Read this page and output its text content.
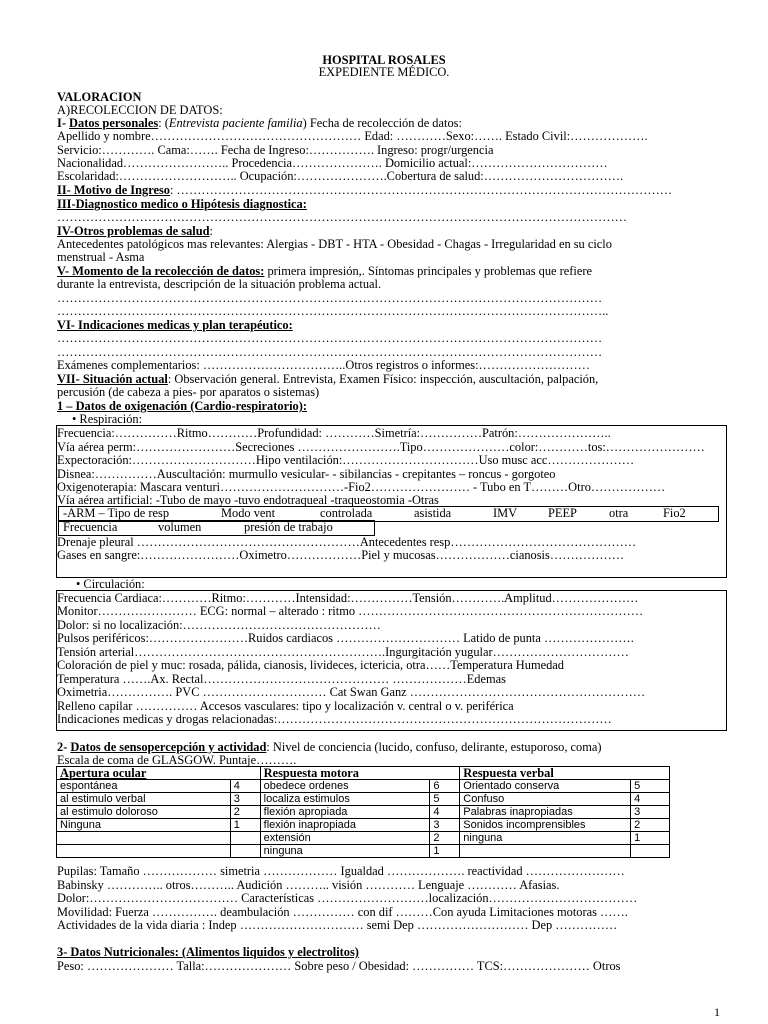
HOSPITAL ROSALES
EXPEDIENTE MÉDICO.
VALORACION
A)RECOLECCION DE DATOS:
I- Datos personales: (Entrevista paciente familia) Fecha de recolección de datos:
Apellido y nombre…………………………………………… Edad: …………Sexo:……. Estado Civil:……………….
Servicio:…………. Cama:……. Fecha de Ingreso:……………. Ingreso: progr/urgencia
Nacionalidad…………………….. Procedencia…………………. Domicilio actual:……………………………
Escolaridad:……………………….. Ocupación:………………….Cobertura de salud:…………………………….
II- Motivo de Ingreso: …………………………………………………………………………………………………………
III-Diagnostico medico o Hipótesis diagnostica:
…………………………………………………………………………………………………………………………
IV-Otros problemas de salud:
Antecedentes patológicos mas relevantes: Alergias - DBT - HTA - Obesidad - Chagas - Irregularidad en su ciclo
menstrual - Asma
V- Momento de la recolección de datos: primera impresión,. Síntomas principales y problemas que refiere
durante la entrevista, descripción de la situación problema actual.
……………………………………………………………………………………………………………………
……………………………………………………………………………………………………………………..
VI- Indicaciones medicas y plan terapéutico:
……………………………………………………………………………………………………………………
……………………………………………………………………………………………………………………
Exámenes complementarios: ……………………………..Otros registros o informes:………………………
VII- Situación actual: Observación general. Entrevista, Examen Físico: inspección, auscultación, palpación,
percusión (de cabeza a pies- por aparatos o sistemas)
1 – Datos de oxigenación (Cardio-respiratorio):
• Respiración:
Frecuencia:……………Ritmo…………Profundidad: …………Simetría:……………Patrón:…………………..
Vía aérea perm:……………………Secreciones …………………….Tipo…………………color:…………tos:……………………
Expectoración:…………………………Hipo ventilación:……………………………Uso musc acc…………………
Disnea:……………Auscultación: murmullo vesicular- - sibilancias - crepitantes – roncus - gorgoteo
Oxigenoterapia: Mascara venturi…………………………-Fio2…………………… - Tubo en T………Otro………………
Vía aérea artificial: -Tubo de mayo -tuvo endotraqueal -traqueostomia -Otras
-ARM – Tipo de resp	Modo vent	controlada	asistida	IMV PEEP	otra	Fio2
Frecuencia	volumen	presión de trabajo
Drenaje pleural ………………………………………………Antecedentes resp………………………………………
Gases en sangre:……………………Oximetro………………Piel y mucosas………………cianosis………………
• Circulación:
Frecuencia Cardiaca:…………Ritmo:…………Intensidad:……………Tensión………….Amplitud…………………
Monitor…………………… ECG: normal – alterado : ritmo ……………………………………………………………
Dolor: si no localización:…………………………………………
Pulsos periféricos:……………………Ruidos cardiacos ………………………… Latido de punta ………………….
Tensión arterial…………………………………………………….Ingurgitación yugular……………………………
Coloración de piel y muc: rosada, pálida, cianosis, livideces, ictericia, otra……Temperatura Humedad
Temperatura …….Ax. Rectal……………………………………… ………………Edemas
Oximetria……………. PVC ………………………… Cat Swan Ganz …………………………………………………
Relleno capilar …………… Accesos vasculares: tipo y localización v. central o v. periférica
Indicaciones medicas y drogas relacionadas:………………………………………………………………………
2- Datos de sensopercepción y actividad: Nivel de conciencia (lucido, confuso, delirante, estuporoso, coma)
Escala de coma de GLASGOW. Puntaje……….
Apertura ocular		Respuesta motora		Respuesta verbal	
espontánea	4	obedece ordenes	6	Orientado conserva	5
al estimulo verbal	3	localiza estimulos	5	Confuso	4
al estimulo doloroso	2	flexión apropiada	4	Palabras inapropiadas	3
Ninguna	1	flexión inapropiada	3	Sonidos incomprensibles	2
		extensión	2	ninguna	1
		ninguna	1		
Pupilas: Tamaño ……………… simetria ……………… Igualdad ………………. reactividad ……………………
Babinsky ………….. otros……….. Audición ……….. visión ………… Lenguaje ………… Afasias.
Dolor:……………………………… Características ………………………localización………………………………
Movilidad: Fuerza ……………. deambulación …………… con dif ………Con ayuda Limitaciones motoras …….
Actividades de la vida diaria : Indep ………………………… semi Dep ……………………… Dep ……………
3- Datos Nutricionales: (Alimentos liquidos y electrolitos)
Peso: ………………… Talla:………………… Sobre peso / Obesidad: …………… TCS:………………… Otros
1
